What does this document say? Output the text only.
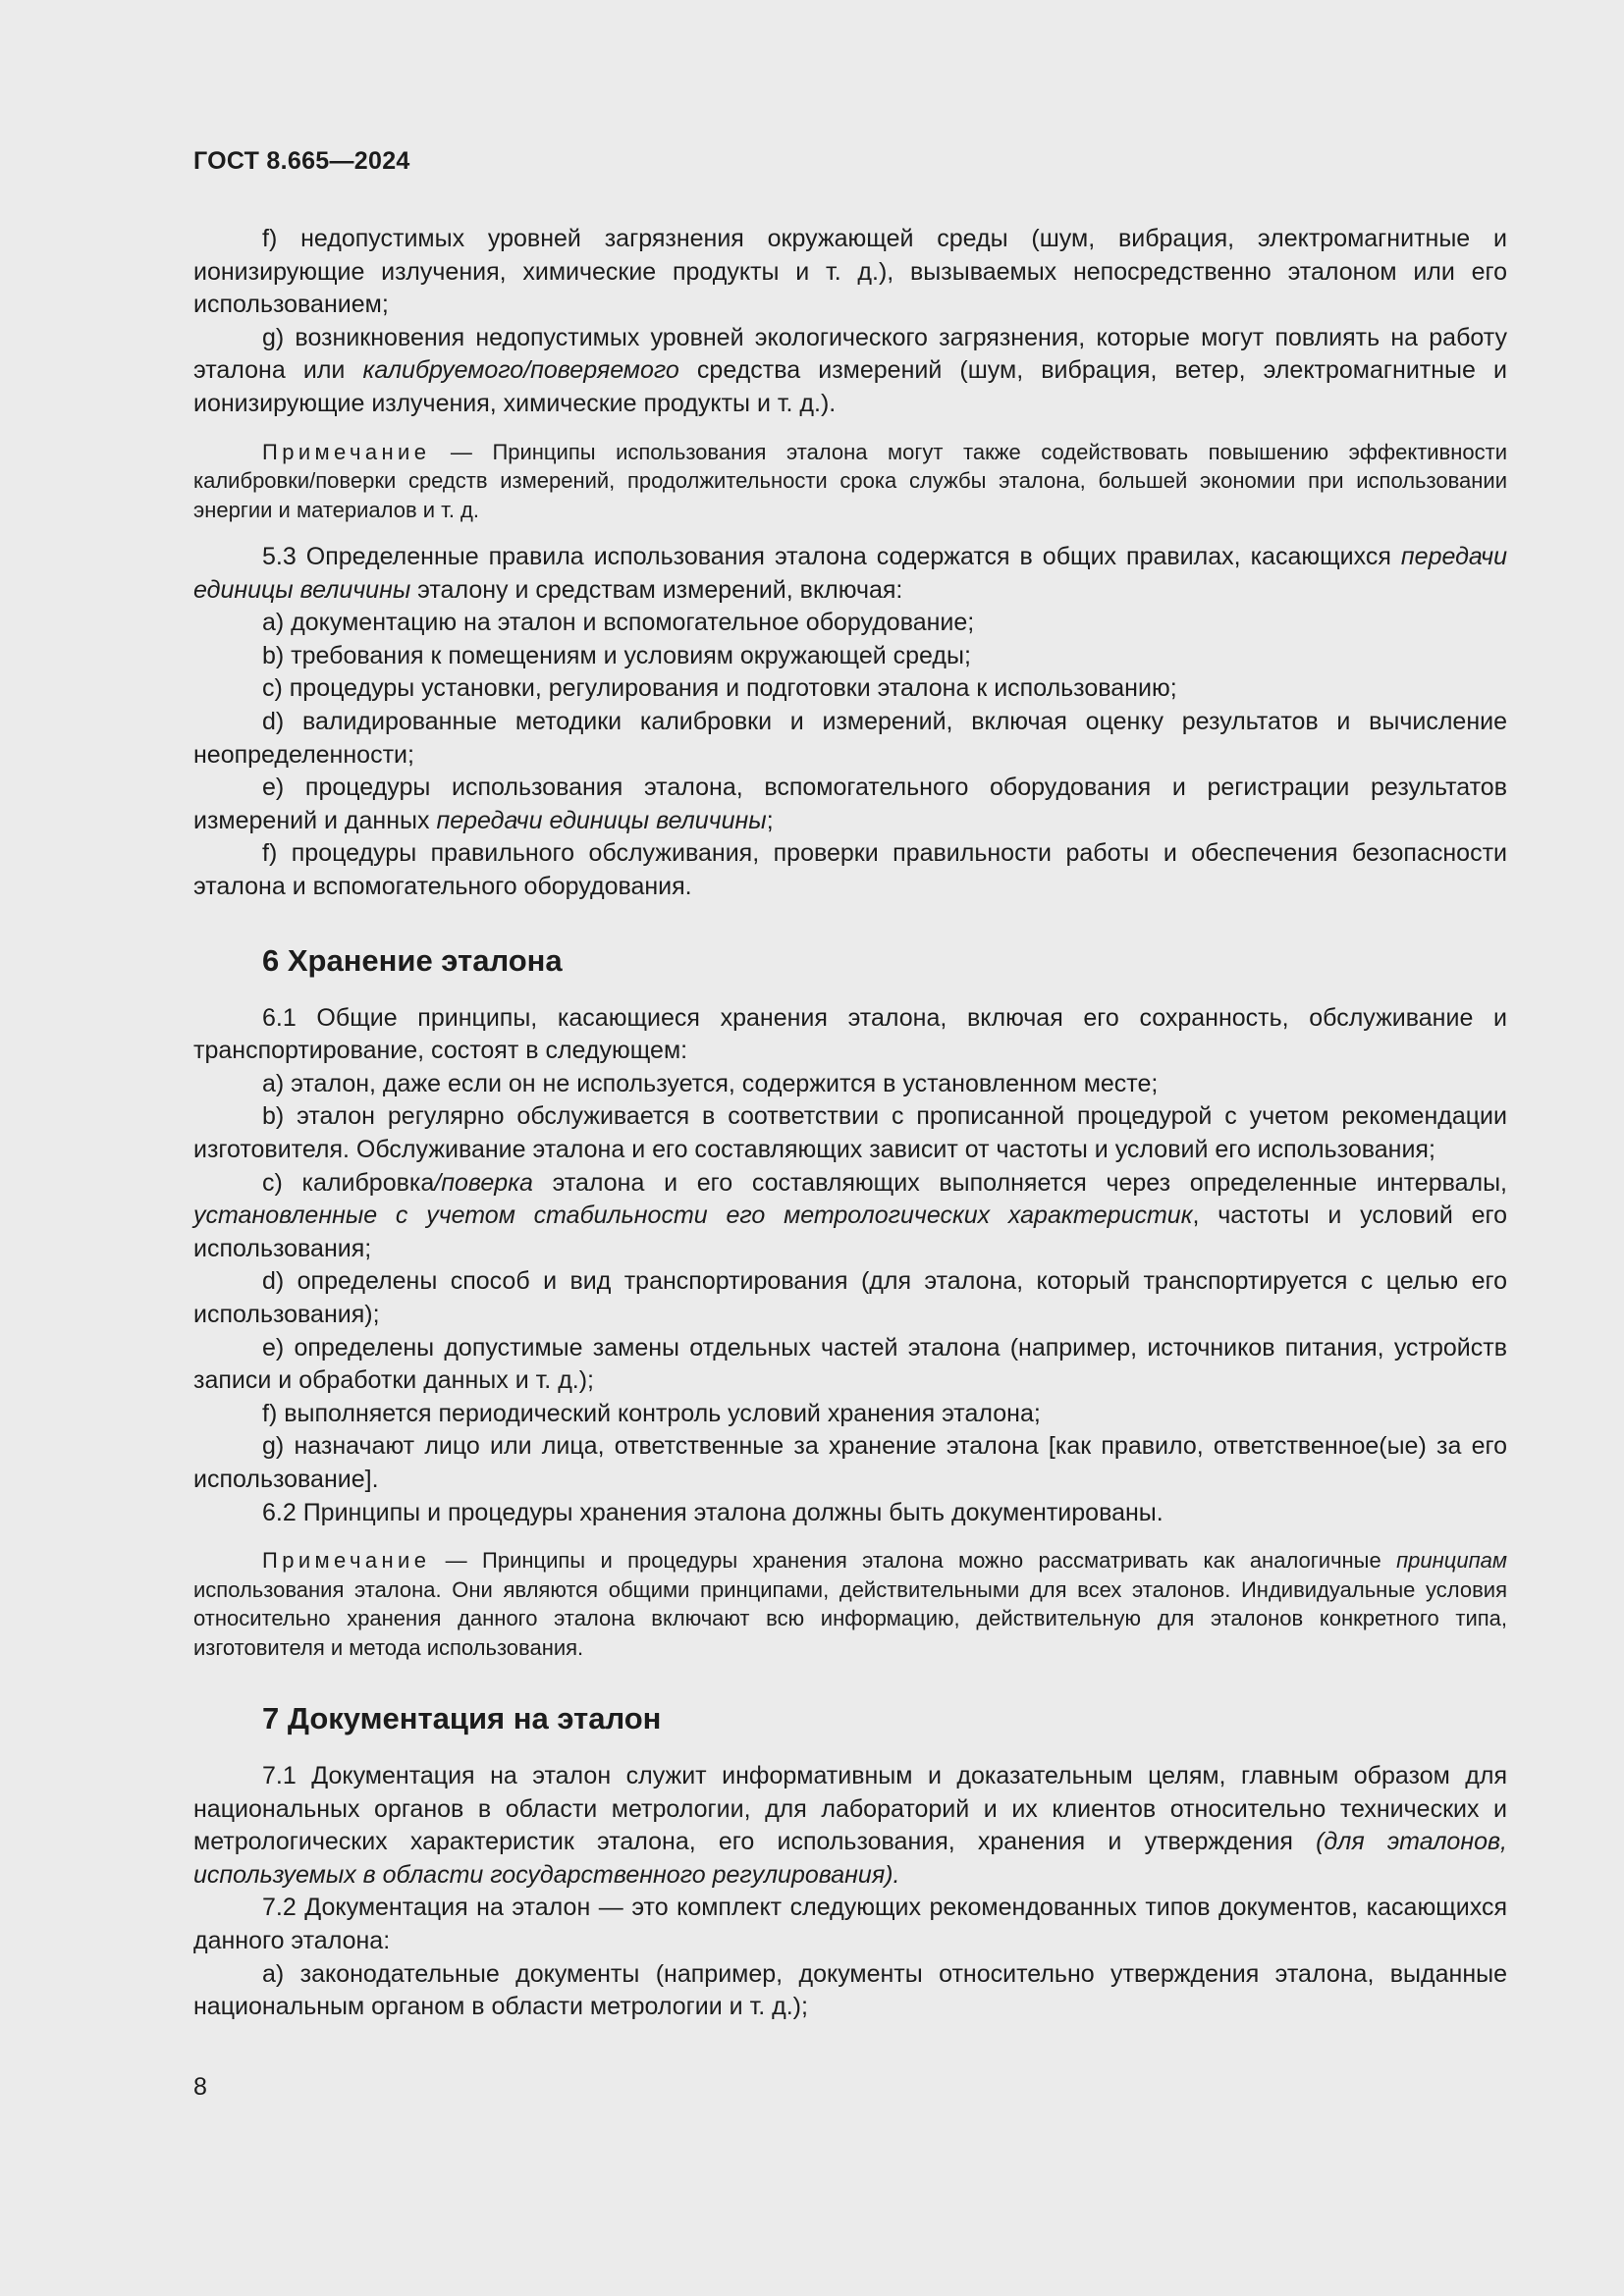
ГОСТ 8.665—2024

f) недопустимых уровней загрязнения окружающей среды (шум, вибрация, электромагнитные и ионизирующие излучения, химические продукты и т. д.), вызываемых непосредственно эталоном или его использованием;

g) возникновения недопустимых уровней экологического загрязнения, которые могут повлиять на работу эталона или калибруемого/поверяемого средства измерений (шум, вибрация, ветер, электромагнитные и ионизирующие излучения, химические продукты и т. д.).

Примечание — Принципы использования эталона могут также содействовать повышению эффективности калибровки/поверки средств измерений, продолжительности срока службы эталона, большей экономии при использовании энергии и материалов и т. д.

5.3 Определенные правила использования эталона содержатся в общих правилах, касающихся передачи единицы величины эталону и средствам измерений, включая:

a) документацию на эталон и вспомогательное оборудование;

b) требования к помещениям и условиям окружающей среды;

c) процедуры установки, регулирования и подготовки эталона к использованию;

d) валидированные методики калибровки и измерений, включая оценку результатов и вычисление неопределенности;

e) процедуры использования эталона, вспомогательного оборудования и регистрации результатов измерений и данных передачи единицы величины;

f) процедуры правильного обслуживания, проверки правильности работы и обеспечения безопасности эталона и вспомогательного оборудования.

6 Хранение эталона

6.1 Общие принципы, касающиеся хранения эталона, включая его сохранность, обслуживание и транспортирование, состоят в следующем:

a) эталон, даже если он не используется, содержится в установленном месте;

b) эталон регулярно обслуживается в соответствии с прописанной процедурой с учетом рекомендации изготовителя. Обслуживание эталона и его составляющих зависит от частоты и условий его использования;

c) калибровка/поверка эталона и его составляющих выполняется через определенные интервалы, установленные с учетом стабильности его метрологических характеристик, частоты и условий его использования;

d) определены способ и вид транспортирования (для эталона, который транспортируется с целью его использования);

e) определены допустимые замены отдельных частей эталона (например, источников питания, устройств записи и обработки данных и т. д.);

f) выполняется периодический контроль условий хранения эталона;

g) назначают лицо или лица, ответственные за хранение эталона [как правило, ответственное(ые) за его использование].

6.2 Принципы и процедуры хранения эталона должны быть документированы.

Примечание — Принципы и процедуры хранения эталона можно рассматривать как аналогичные принципам использования эталона. Они являются общими принципами, действительными для всех эталонов. Индивидуальные условия относительно хранения данного эталона включают всю информацию, действительную для эталонов конкретного типа, изготовителя и метода использования.

7 Документация на эталон

7.1 Документация на эталон служит информативным и доказательным целям, главным образом для национальных органов в области метрологии, для лабораторий и их клиентов относительно технических и метрологических характеристик эталона, его использования, хранения и утверждения (для эталонов, используемых в области государственного регулирования).

7.2 Документация на эталон — это комплект следующих рекомендованных типов документов, касающихся данного эталона:

a) законодательные документы (например, документы относительно утверждения эталона, выданные национальным органом в области метрологии и т. д.);

8
